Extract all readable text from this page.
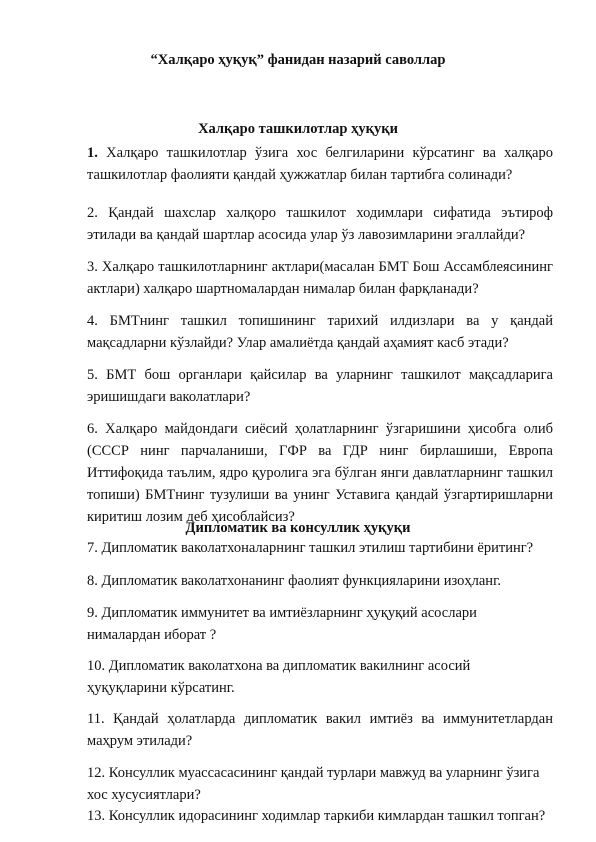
“Халқаро ҳуқуқ” фанидан назарий саволлар
Халқаро ташкилотлар ҳуқуқи

1. Халқаро ташкилотлар ўзига хос белгиларини кўрсатинг ва халқаро ташкилотлар фаолияти қандай ҳужжатлар билан тартибга солинади?

2. Қандай шахслар халқоро ташкилот ходимлари сифатида эътироф этилади ва қандай шартлар асосида улар ўз лавозимларини эгаллайди?

3. Халқаро ташкилотларнинг актлари(масалан БМТ Бош Ассамблеясининг актлари) халқаро шартномалардан нималар билан фарқланади?

4. БМТнинг ташкил топишининг тарихий илдизлари ва у қандай мақсадларни кўзлайди? Улар амалиётда қандай аҳамият касб этади?

5. БМТ бош органлари қайсилар ва уларнинг ташкилот мақсадларига эришишдаги ваколатлари?

6. Халқаро майдондаги сиёсий ҳолатларнинг ўзгаришини ҳисобга олиб (СССР нинг парчаланиши, ГФР ва ГДР нинг бирлашиши, Европа Иттифоқида таълим, ядро қуролига эга бўлган янги давлатларнинг ташкил топиши) БМТнинг тузулиши ва унинг Уставига қандай ўзгартиришларни киритиш лозим деб ҳисоблайсиз?

Дипломатик ва консуллик ҳуқуқи

7. Дипломатик ваколатхоналарнинг ташкил этилиш тартибини ёритинг?

8. Дипломатик ваколатхонанинг фаолият функцияларини изоҳланг.

9. Дипломатик иммунитет ва имтиёзларнинг ҳуқуқий асослари нималардан иборат ?

10. Дипломатик ваколатхона ва дипломатик вакилнинг асосий ҳуқуқларини кўрсатинг.

11. Қандай ҳолатларда дипломатик вакил имтиёз ва иммунитетлардан маҳрум этилади?

12. Консуллик муассасасининг қандай турлари мавжуд ва уларнинг ўзига хос хусусиятлари?

13. Консуллик идорасининг ходимлар таркиби кимлардан ташкил топган?
